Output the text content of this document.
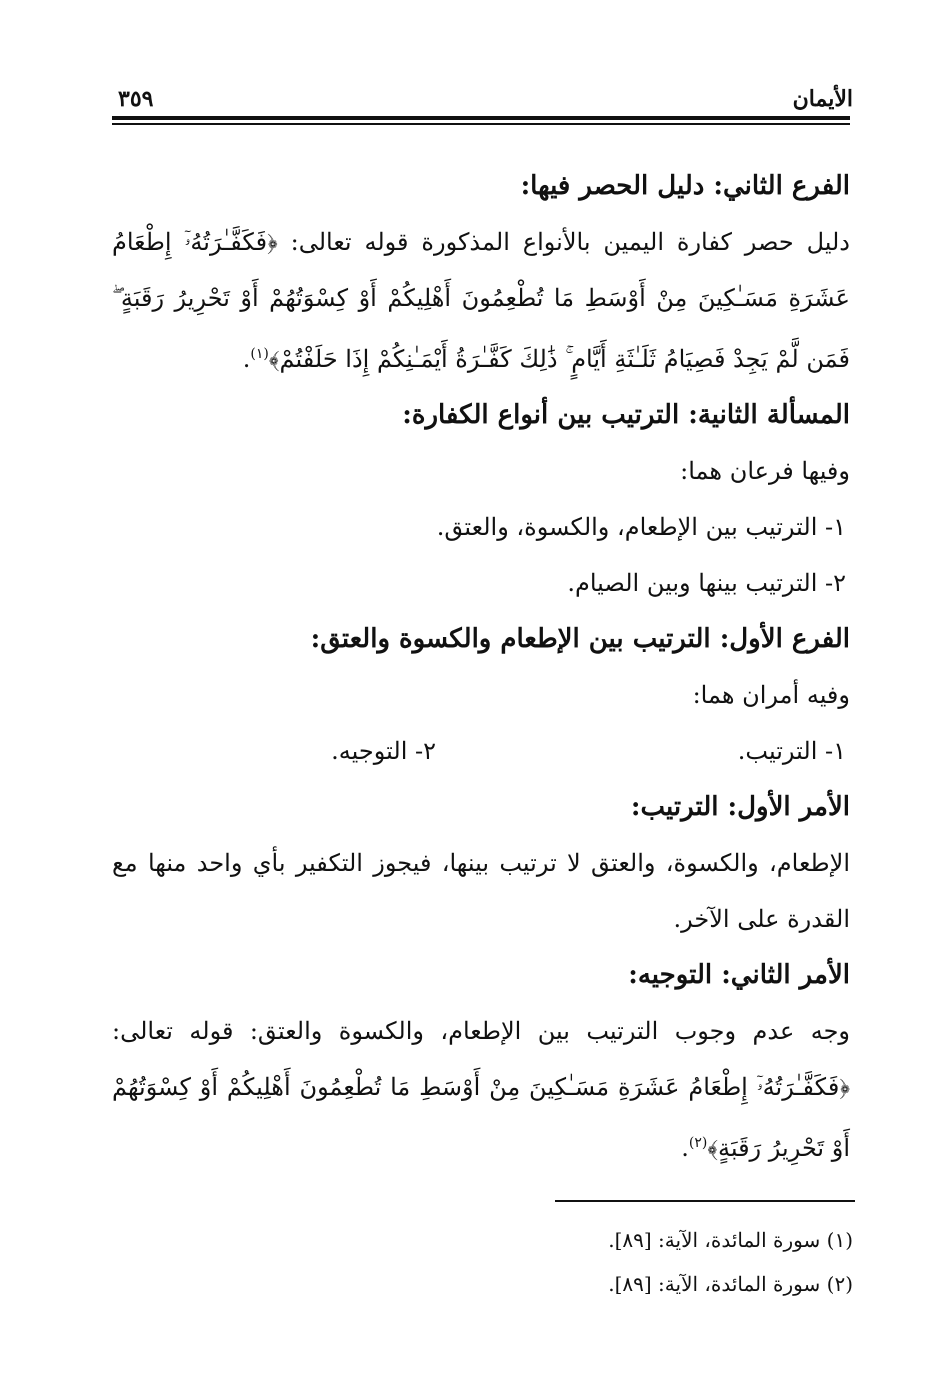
الأيمان
٣٥٩
الفرع الثاني: دليل الحصر فيها:
دليل حصر كفارة اليمين بالأنواع المذكورة قوله تعالى: ﴿فَكَفَّـٰرَتُهُۥٓ إِطْعَامُ عَشَرَةِ مَسَـٰكِينَ مِنْ أَوْسَطِ مَا تُطْعِمُونَ أَهْلِيكُمْ أَوْ كِسْوَتُهُمْ أَوْ تَحْرِيرُ رَقَبَةٍ ۖ فَمَن لَّمْ يَجِدْ فَصِيَامُ ثَلَـٰثَةِ أَيَّامٍ ۚ ذَٰلِكَ كَفَّـٰرَةُ أَيْمَـٰنِكُمْ إِذَا حَلَفْتُمْ﴾$^{(١)}$.
المسألة الثانية: الترتيب بين أنواع الكفارة:
وفيها فرعان هما:
١- الترتيب بين الإطعام، والكسوة، والعتق.
٢- الترتيب بينها وبين الصيام.
الفرع الأول: الترتيب بين الإطعام والكسوة والعتق:
وفيه أمران هما:
١- الترتيب.
٢- التوجيه.
الأمر الأول: الترتيب:
الإطعام، والكسوة، والعتق لا ترتيب بينها، فيجوز التكفير بأي واحد منها مع القدرة على الآخر.
الأمر الثاني: التوجيه:
وجه عدم وجوب الترتيب بين الإطعام، والكسوة والعتق: قوله تعالى: ﴿فَكَفَّـٰرَتُهُۥٓ إِطْعَامُ عَشَرَةِ مَسَـٰكِينَ مِنْ أَوْسَطِ مَا تُطْعِمُونَ أَهْلِيكُمْ أَوْ كِسْوَتُهُمْ أَوْ تَحْرِيرُ رَقَبَةٍ﴾$^{(٢)}$.

(١) سورة المائدة، الآية: [٨٩].

(٢) سورة المائدة، الآية: [٨٩].
